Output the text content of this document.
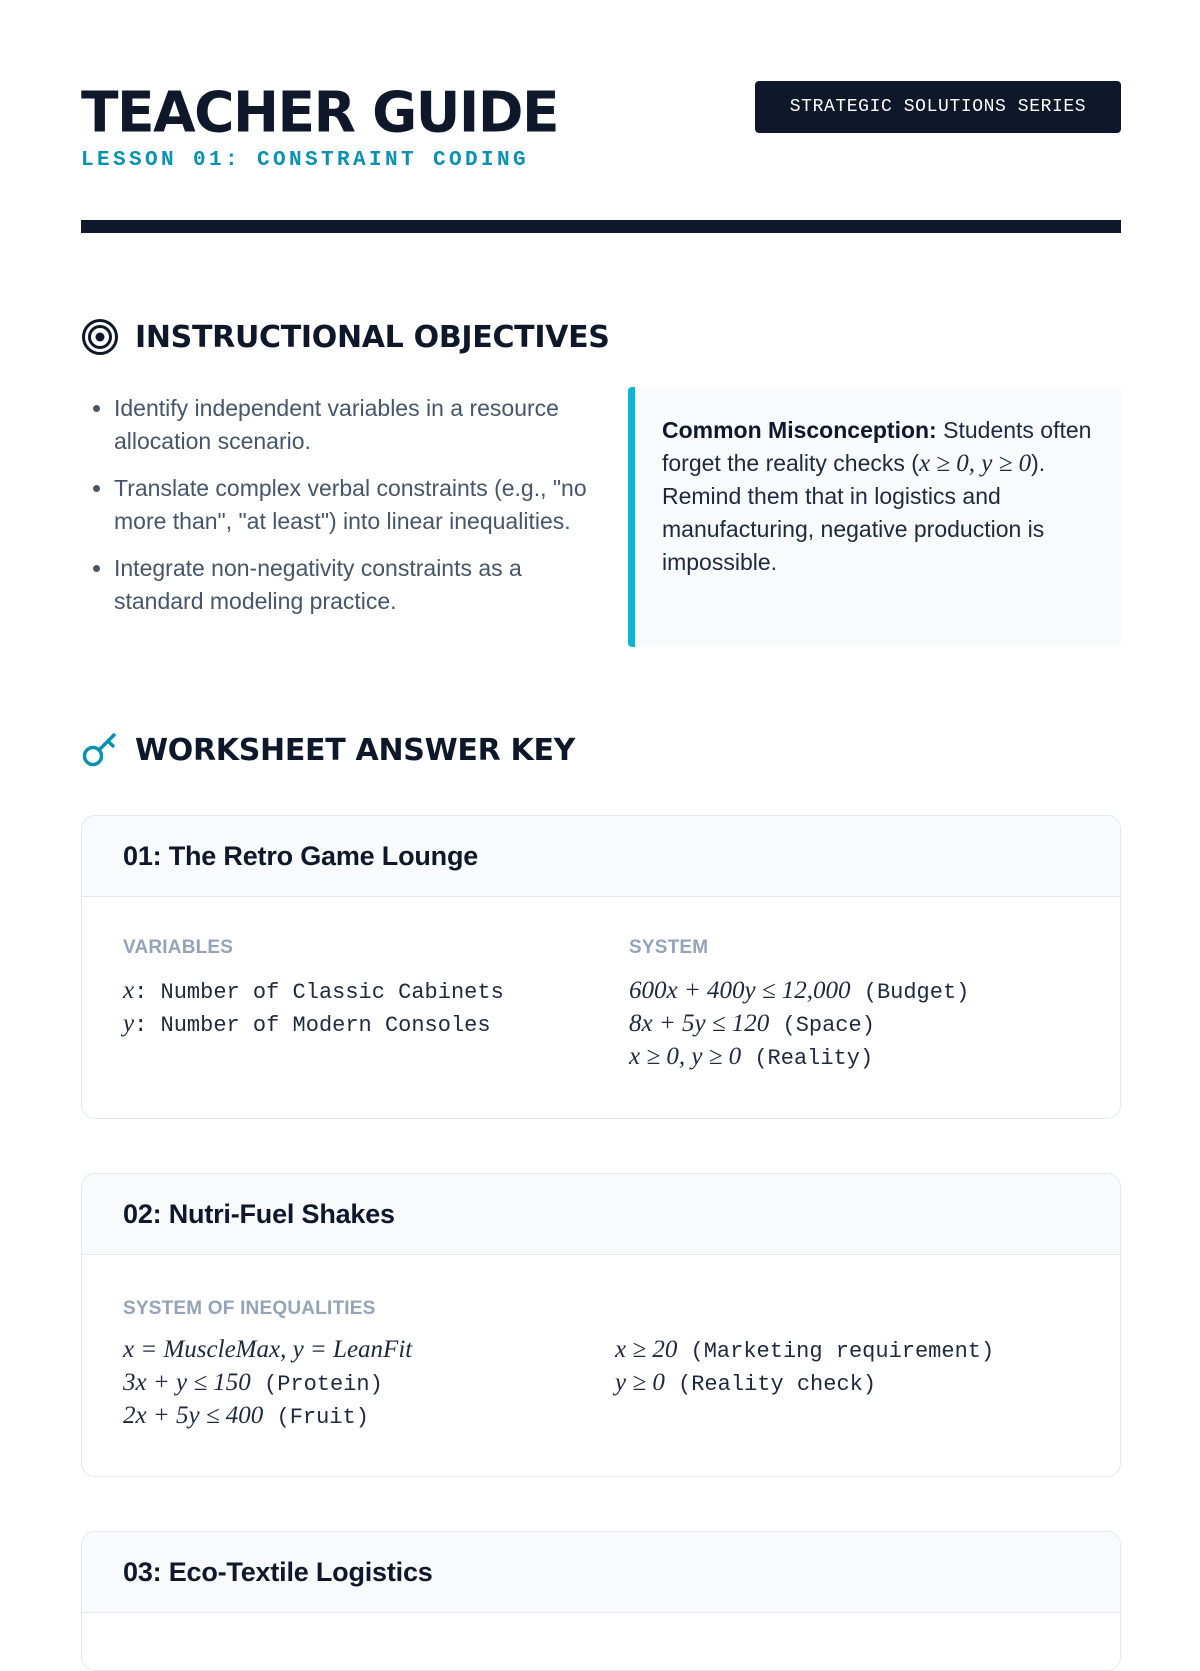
TEACHER GUIDE
LESSON 01: CONSTRAINT CODING
STRATEGIC SOLUTIONS SERIES
INSTRUCTIONAL OBJECTIVES
• Identify independent variables in a resource allocation scenario.
• Translate complex verbal constraints (e.g., "no more than", "at least") into linear inequalities.
• Integrate non-negativity constraints as a standard modeling practice.
Common Misconception: Students often forget the reality checks (x ≥ 0, y ≥ 0). Remind them that in logistics and manufacturing, negative production is impossible.
WORKSHEET ANSWER KEY
01: The Retro Game Lounge
VARIABLES
x: Number of Classic Cabinets
y: Number of Modern Consoles
SYSTEM
600x + 400y ≤ 12,000 (Budget)
8x + 5y ≤ 120 (Space)
x ≥ 0, y ≥ 0 (Reality)
02: Nutri-Fuel Shakes
SYSTEM OF INEQUALITIES
x = MuscleMax, y = LeanFit
3x + y ≤ 150 (Protein)
2x + 5y ≤ 400 (Fruit)
x ≥ 20 (Marketing requirement)
y ≥ 0 (Reality check)
03: Eco-Textile Logistics
